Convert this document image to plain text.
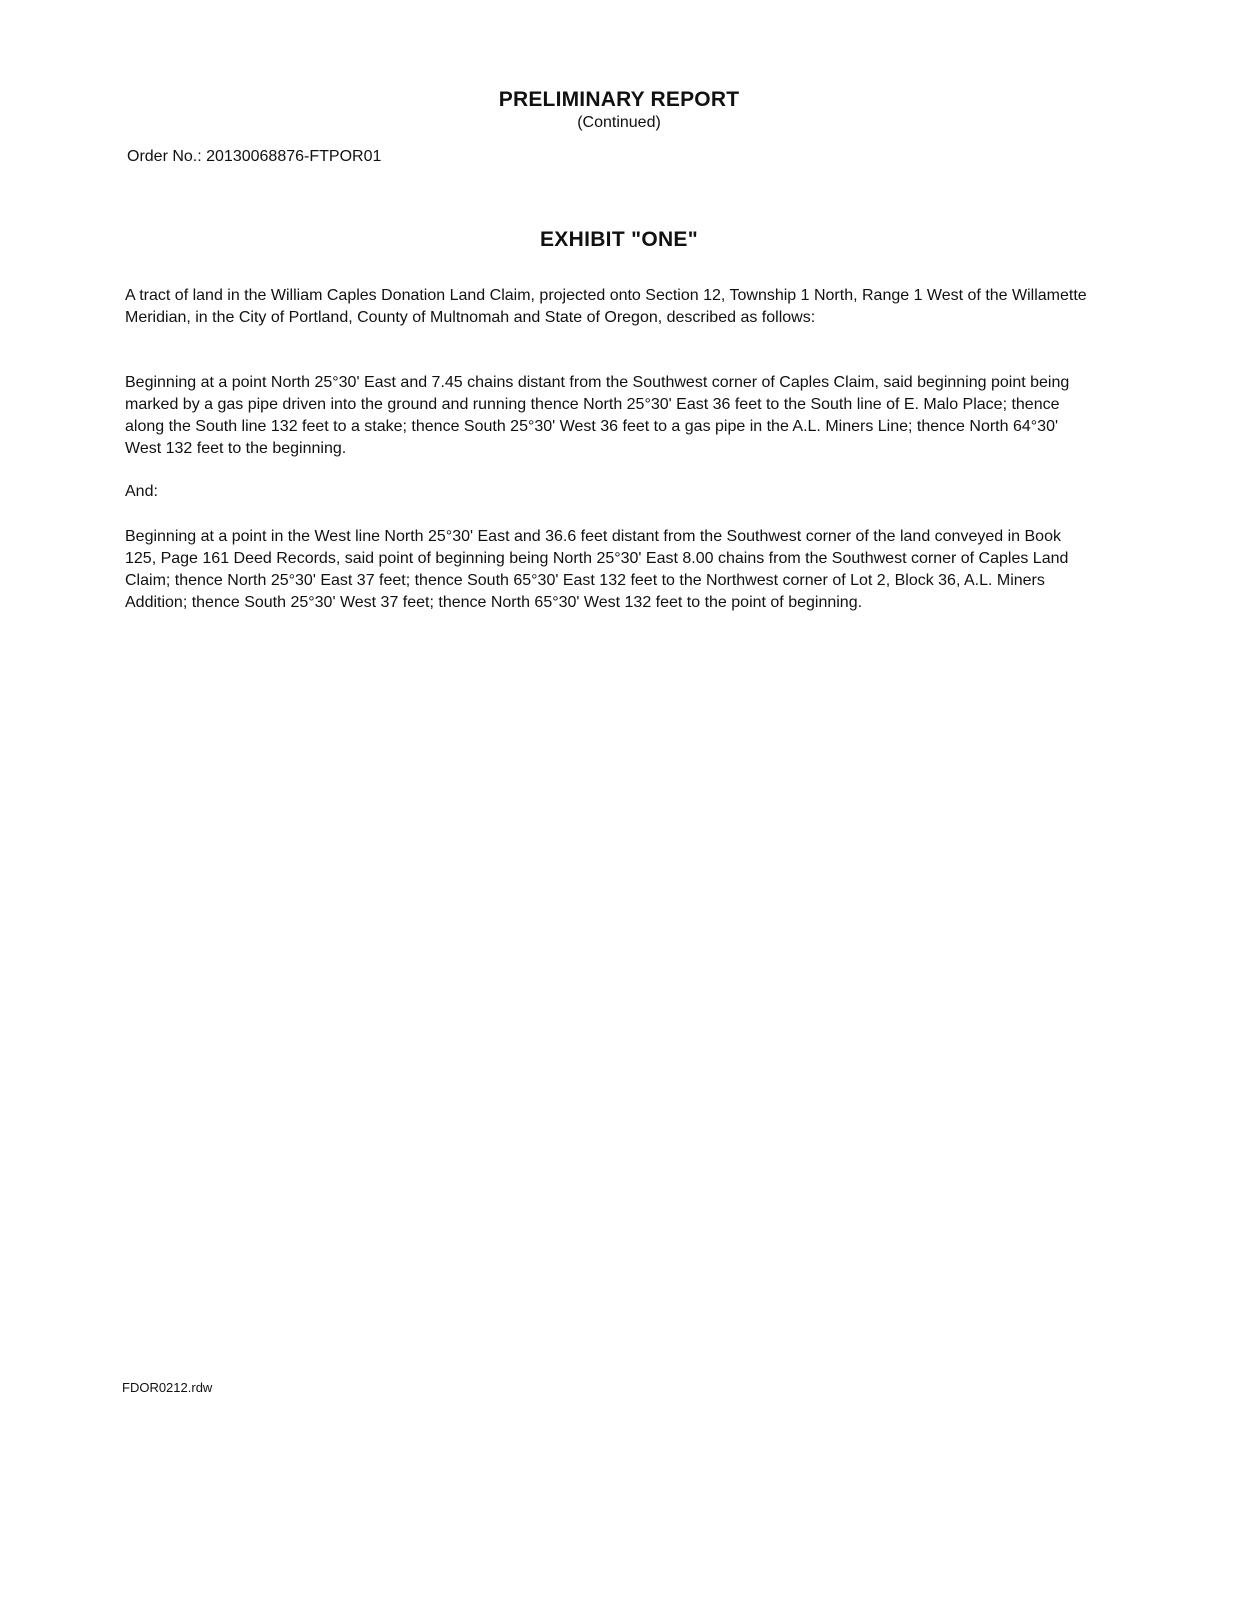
PRELIMINARY REPORT
(Continued)
Order No.: 20130068876-FTPOR01
EXHIBIT "ONE"

A tract of land in the William Caples Donation Land Claim, projected onto Section 12, Township 1 North, Range 1 West of the Willamette Meridian, in the City of Portland, County of Multnomah and State of Oregon, described as follows:

Beginning at a point North 25°30' East and 7.45 chains distant from the Southwest corner of Caples Claim, said beginning point being marked by a gas pipe driven into the ground and running thence North 25°30' East 36 feet to the South line of E. Malo Place; thence along the South line 132 feet to a stake; thence South 25°30' West 36 feet to a gas pipe in the A.L. Miners Line; thence North 64°30' West 132 feet to the beginning.

And:

Beginning at a point in the West line North 25°30' East and 36.6 feet distant from the Southwest corner of the land conveyed in Book 125, Page 161 Deed Records, said point of beginning being North 25°30' East 8.00 chains from the Southwest corner of Caples Land Claim; thence North 25°30' East 37 feet; thence South 65°30' East 132 feet to the Northwest corner of Lot 2, Block 36, A.L. Miners Addition; thence South 25°30' West 37 feet; thence North 65°30' West 132 feet to the point of beginning.

FDOR0212.rdw
